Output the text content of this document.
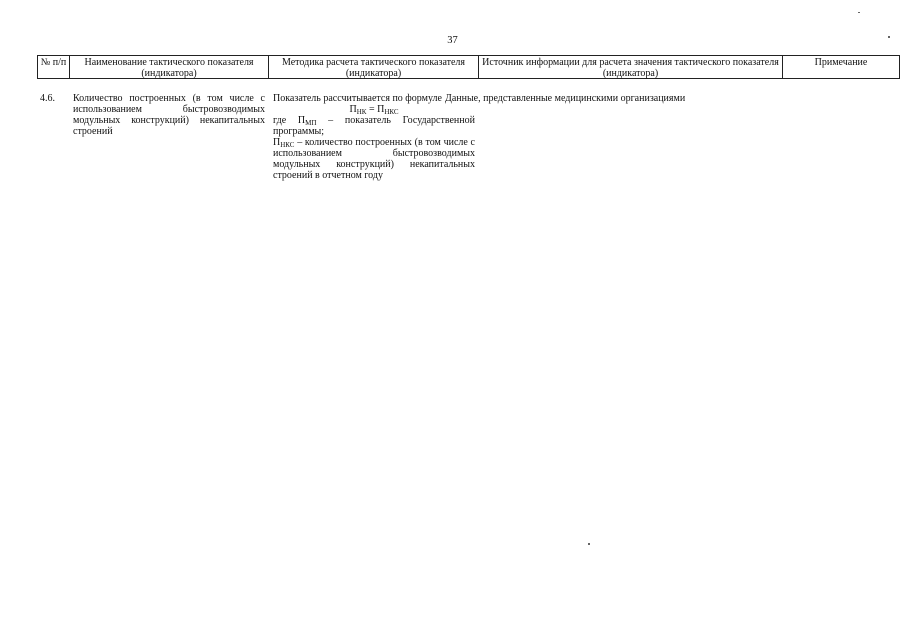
37
№ п/п	Наименование тактического показателя (индикатора)
Методика расчета тактического показателя (индикатора)
Источник информации для расчета значения тактического показателя (индикатора)
Примечание
4.6.	Количество построенных (в том числе с использованием быстровозводимых модульных конструкций) некапитальных строений
Показатель рассчитывается по формуле
$П_{НК} = П_{НКС}$
где $П_{МП}$ – показатель Государственной программы;
$П_{НКС}$ – количество построенных (в том числе с использованием быстровозводимых модульных конструкций) некапитальных строений в отчетном году
Данные, представленные медицинскими организациями
